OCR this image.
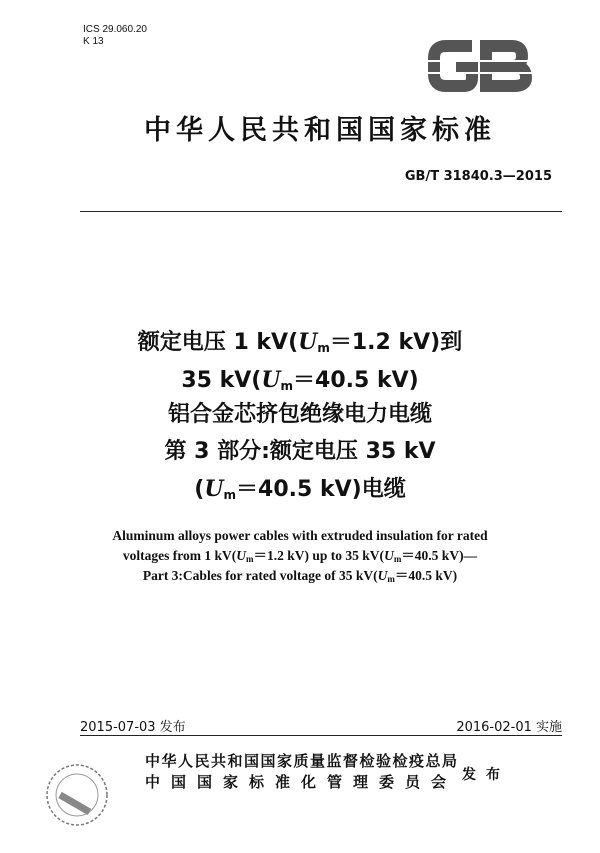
ICS 29.060.20
K 13
GB
中华人民共和国国家标准
GB/T 31840.3—2015
额定电压 1 $kV(U_m=1.2$ kV)到
35 $kV(U_m=40.5$ kV)
铝合金芯挤包绝缘电力电缆
第 3 部分:额定电压 35 kV
($U_m=40.5$ kV)电缆
Aluminum alloys power cables with extruded insulation for rated
voltages from 1 $kV(U_m=1.2$ kV) up to 35 $kV(U_m=40.5$ kV)—
Part 3:Cables for rated voltage of 35 $kV(U_m=40.5$ kV)
2015-07-03 发布	2016-02-01 实施
中华人民共和国国家质量监督检验检疫总局
中国国家标准化管理委员会 发布
